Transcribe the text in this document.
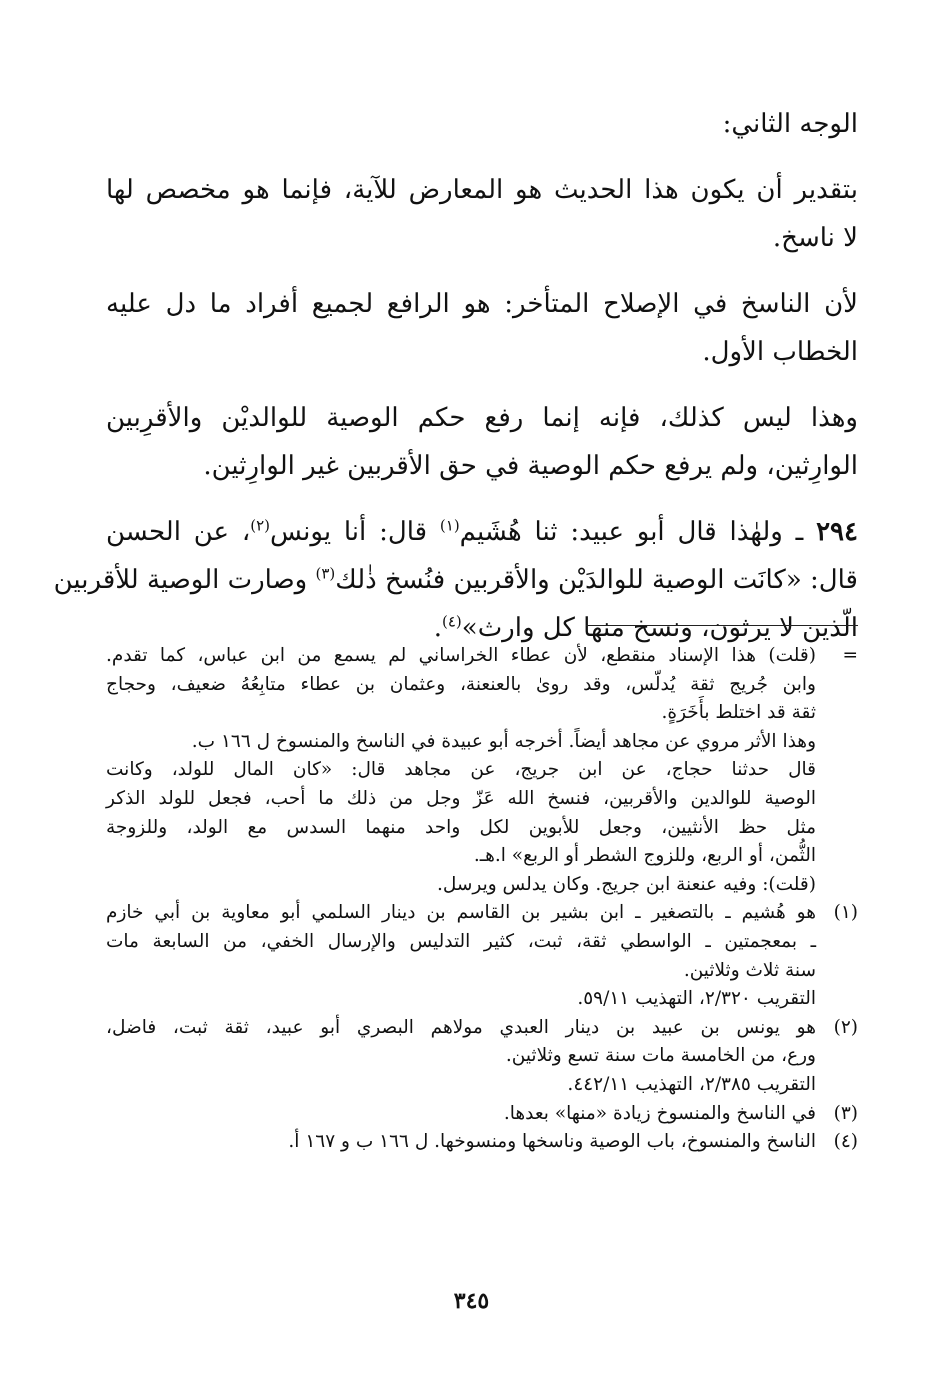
الوجه الثاني:

بتقدير أن يكون هذا الحديث هو المعارض للآية، فإنما هو مخصص لها

لا ناسخ.

لأن الناسخ في الإصلاح المتأخر: هو الرافع لجميع أفراد ما دل عليه

الخطاب الأول.

وهذا ليس كذلك، فإنه إنما رفع حكم الوصية للوالديْن والأقرِبين

الوارِثين، ولم يرفع حكم الوصية في حق الأقربين غير الوارِثين.

٢٩٤ ـ ولهٰذا قال أبو عبيد: ثنا هُشَيم$^{(١)}$ قال: أنا يونس$^{(٢)}$، عن الحسن

قال: «كانَت الوصية للوالدَيْن والأقربين فنُسخ ذٰلك$^{(٣)}$ وصارت الوصية للأقربين

الّذين لا يرثون، ونسخ منها كل وارث»$^{(٤)}$.

=
(قلت) هذا الإسناد منقطع، لأن عطاء الخراساني لم يسمع من ابن عباس، كما تقدم.

وابن جُريج ثقة يُدلّس، وقد روىٰ بالعنعنة، وعثمان بن عطاء متابِعُهُ ضعيف، وحجاج

ثقة قد اختلط بأَخَرَةٍ.

وهذا الأثر مروي عن مجاهد أيضاً. أخرجه أبو عبيدة في الناسخ والمنسوخ ل ١٦٦ ب.

قال حدثنا حجاج، عن ابن جريج، عن مجاهد قال: «كان المال للولد، وكانت

الوصية للوالدين والأقربين، فنسخ الله عَزّ وجل من ذلك ما أحب، فجعل للولد الذكر

مثل حظ الأنثيين، وجعل للأبوين لكل واحد منهما السدس مع الولد، وللزوجة

الثُّمن، أو الربع، وللزوج الشطر أو الربع» ا.هـ.

(قلت): وفيه عنعنة ابن جريج. وكان يدلس ويرسل.

(١)
هو هُشيم ـ بالتصغير ـ ابن بشير بن القاسم بن دينار السلمي أبو معاوية بن أبي خازم

ـ بمعجمتين ـ الواسطي ثقة، ثبت، كثير التدليس والإرسال الخفي، من السابعة مات

سنة ثلاث وثلاثين.

التقريب ٢/٣٢٠، التهذيب ٥٩/١١.

(٢)
هو يونس بن عبيد بن دينار العبدي مولاهم البصري أبو عبيد، ثقة ثبت، فاضل،

ورع، من الخامسة مات سنة تسع وثلاثين.

التقريب ٢/٣٨٥، التهذيب ٤٤٢/١١.

(٣)
في الناسخ والمنسوخ زيادة «منها» بعدها.

(٤)
الناسخ والمنسوخ، باب الوصية وناسخها ومنسوخها. ل ١٦٦ ب و ١٦٧ أ.

٣٤٥
